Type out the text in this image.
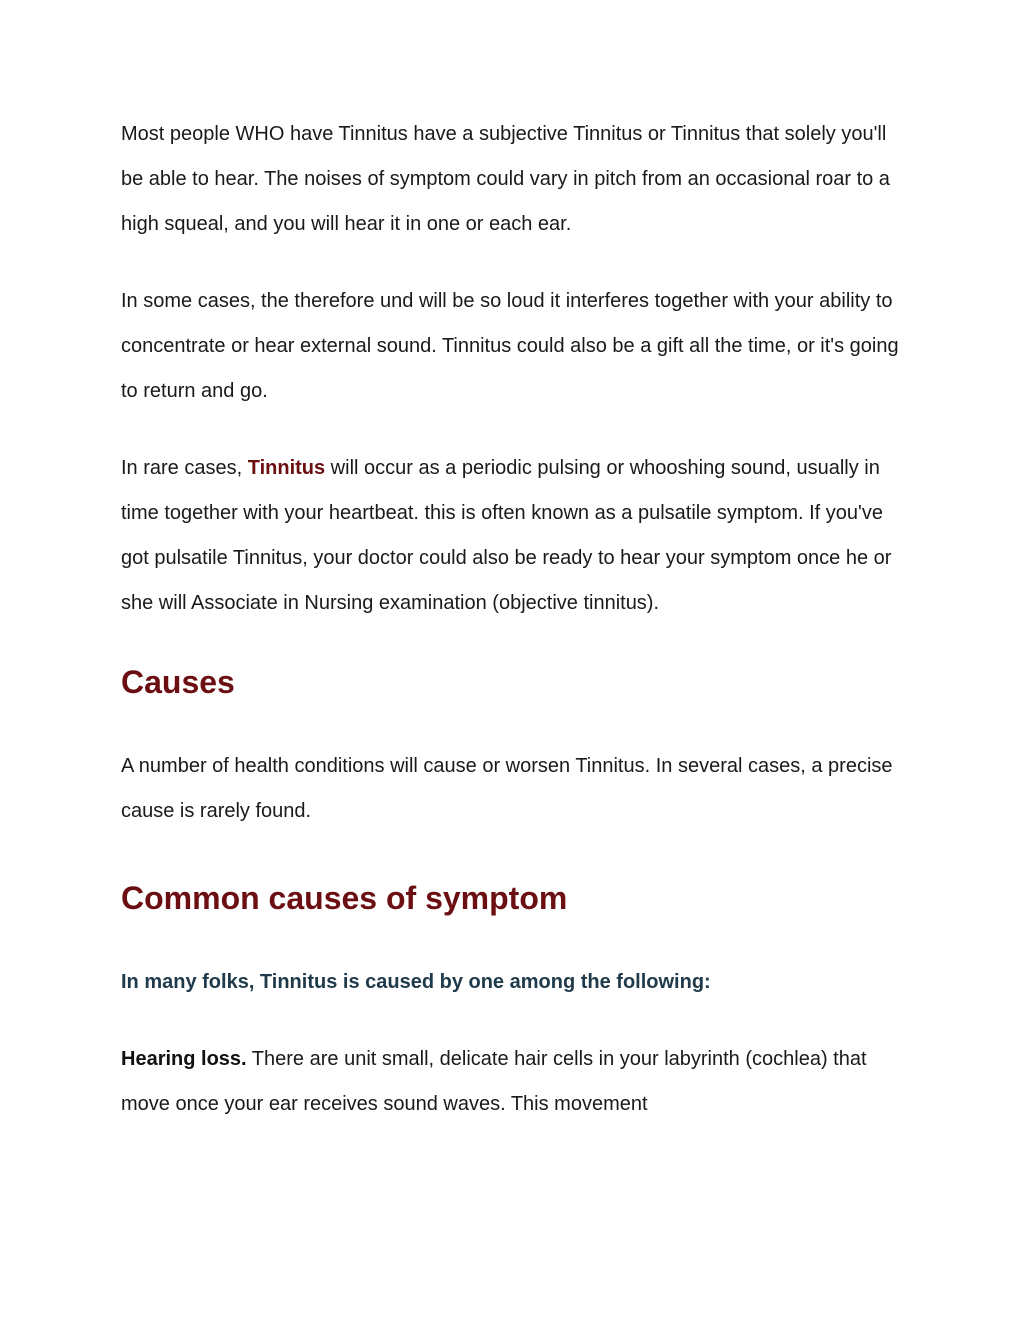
Most people WHO have Tinnitus have a subjective Tinnitus or Tinnitus that solely you'll be able to hear. The noises of symptom could vary in pitch from an occasional roar to a high squeal, and you will hear it in one or each ear.

In some cases, the therefore und will be so loud it interferes together with your ability to concentrate or hear external sound. Tinnitus could also be a gift all the time, or it's going to return and go.

In rare cases, Tinnitus will occur as a periodic pulsing or whooshing sound, usually in time together with your heartbeat. this is often known as a pulsatile symptom. If you've got pulsatile Tinnitus, your doctor could also be ready to hear your symptom once he or she will Associate in Nursing examination (objective tinnitus).

Causes

A number of health conditions will cause or worsen Tinnitus. In several cases, a precise cause is rarely found.

Common causes of symptom

In many folks, Tinnitus is caused by one among the following:

Hearing loss. There are unit small, delicate hair cells in your labyrinth (cochlea) that move once your ear receives sound waves. This movement
